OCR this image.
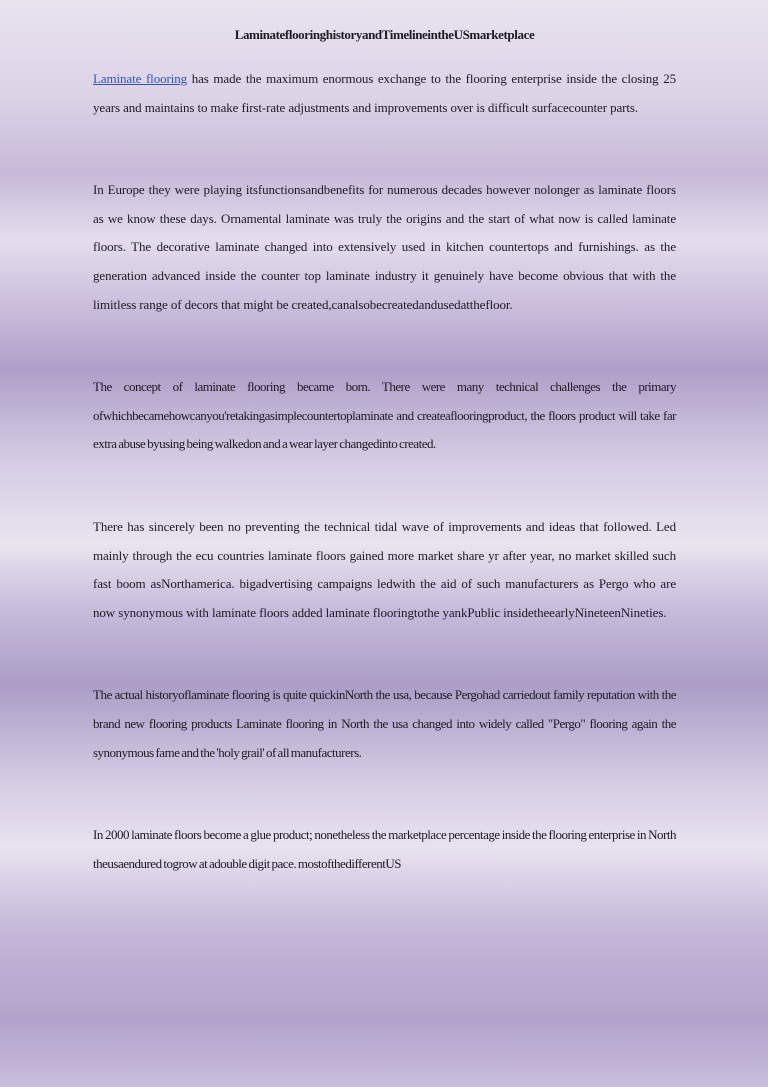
LaminateflooringhistoryandTimelineintheUSmarketplace

Laminate flooring has made the maximum enormous exchange to the flooring enterprise inside the closing 25 years and maintains to make first-rate adjustments and improvements over is difficult surfacecounter parts.

In Europe they were playing itsfunctionsandbenefits for numerous decades however nolonger as laminate floors as we know these days. Ornamental laminate was truly the origins and the start of what now is called laminate floors. The decorative laminate changed into extensively used in kitchen countertops and furnishings. as the generation advanced inside the counter top laminate industry it genuinely have become obvious that with the limitless range of decors that might be created,canalsobecreatedandusedatthefloor.

The concept of laminate flooring became born. There were many technical challenges the primary ofwhichbecamehowcanyou'retakingasimplecountertoplaminate and createaflooringproduct, the floors product will take far extra abuse byusing being walkedon and a wear layer changedinto created.

There has sincerely been no preventing the technical tidal wave of improvements and ideas that followed. Led mainly through the ecu countries laminate floors gained more market share yr after year, no market skilled such fast boom asNorthamerica. bigadvertising campaigns ledwith the aid of such manufacturers as Pergo who are now synonymous with laminate floors added laminate flooringtothe yankPublic insidetheearlyNineteenNineties.

The actual historyoflaminate flooring is quite quickinNorth the usa, because Pergohad carriedout family reputation with the brand new flooring products Laminate flooring in North the usa changed into widely called "Pergo" flooring again the synonymous fame and the 'holy grail' of all manufacturers.

In 2000 laminate floors become a glue product; nonetheless the marketplace percentage inside the flooring enterprise in North theusaendured togrow at adouble digit pace. mostofthedifferentUS
